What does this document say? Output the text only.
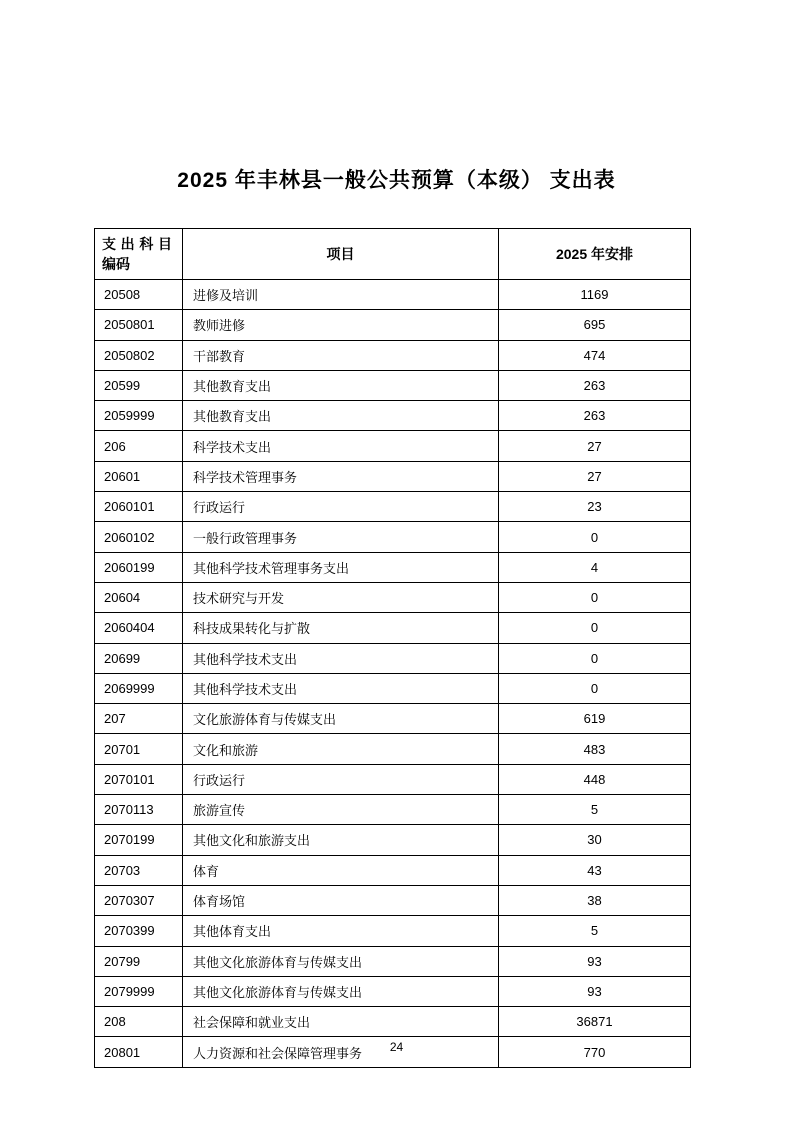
2025 年丰林县一般公共预算（本级） 支出表
支出科目
编码	项目	2025 年安排
20508	进修及培训	1169
2050801	教师进修	695
2050802	干部教育	474
20599	其他教育支出	263
2059999	其他教育支出	263
206	科学技术支出	27
20601	科学技术管理事务	27
2060101	行政运行	23
2060102	一般行政管理事务	0
2060199	其他科学技术管理事务支出	4
20604	技术研究与开发	0
2060404	科技成果转化与扩散	0
20699	其他科学技术支出	0
2069999	其他科学技术支出	0
207	文化旅游体育与传媒支出	619
20701	文化和旅游	483
2070101	行政运行	448
2070113	旅游宣传	5
2070199	其他文化和旅游支出	30
20703	体育	43
2070307	体育场馆	38
2070399	其他体育支出	5
20799	其他文化旅游体育与传媒支出	93
2079999	其他文化旅游体育与传媒支出	93
208	社会保障和就业支出	36871
20801	人力资源和社会保障管理事务	770
24
